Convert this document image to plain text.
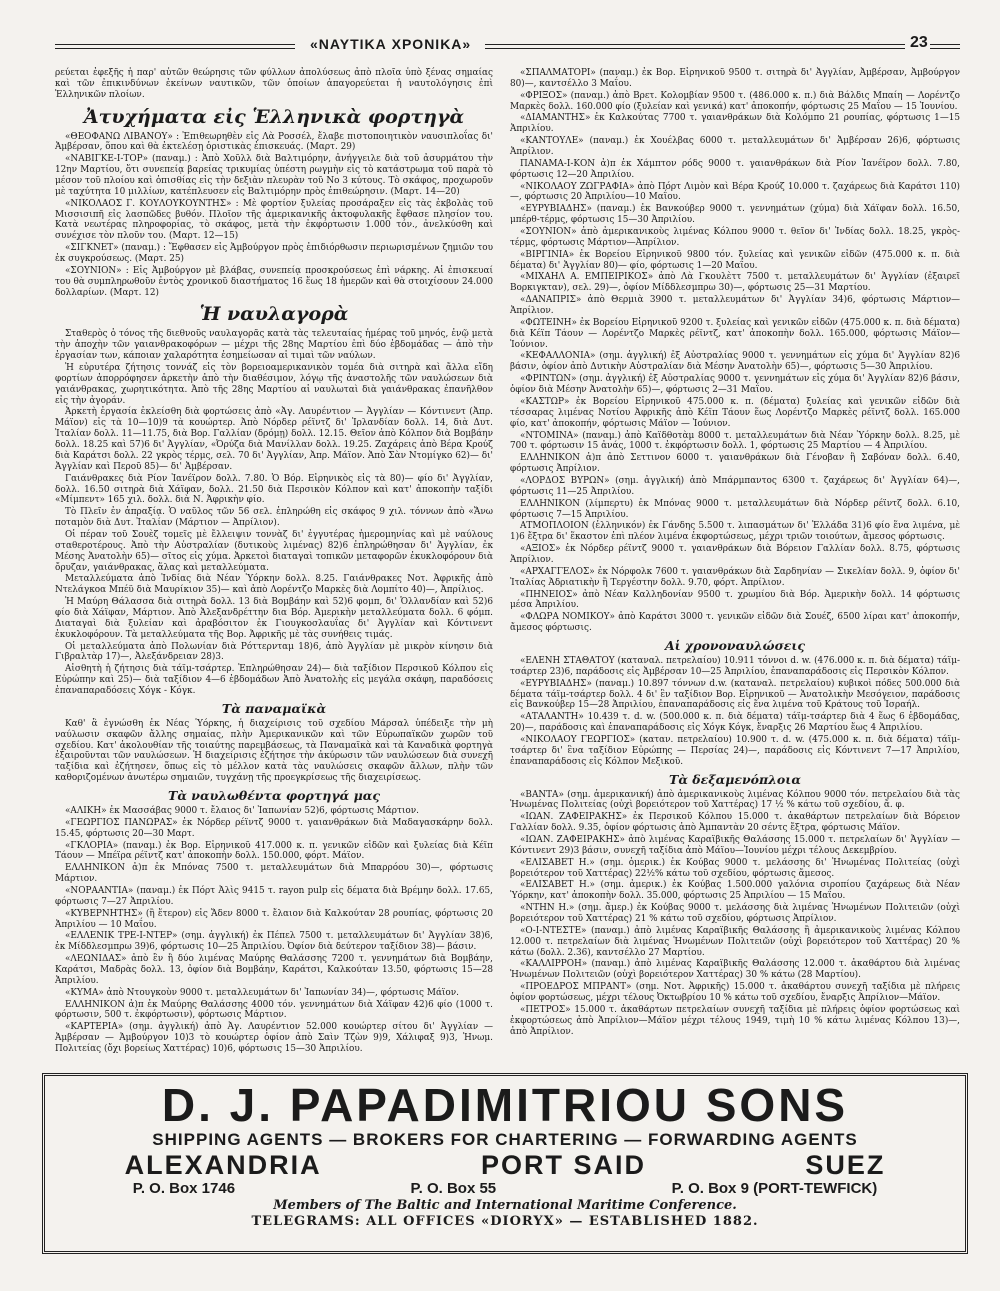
«ΝΑΥΤΙΚΑ ΧΡΟΝΙΚΑ»	23

ρεύεται ἐφεξῆς ἡ παρ' αὐτῶν θεώρησις τῶν φύλλων ἀπολύσεως ἀπὸ πλοῖα ὑπὸ ξένας σημαίας καὶ τῶν ἐπικινδύνων ἐκείνων ναυτικῶν, τῶν ὁποίων ἀπαγορεύεται ἡ ναυτολόγησις ἐπὶ Ἑλληνικῶν πλοίων.

Ἀτυχήματα εἰς Ἑλληνικὰ φορτηγὰ

«ΘΕΟΦΑΝΩ ΛΙΒΑΝΟΥ» : Ἐπιθεωρηθὲν εἰς Λὰ Ροσσέλ, ἔλαβε πιστοποιητικὸν ναυσιπλοΐας δι' Ἀμβέρσαν, ὅπου καὶ θὰ ἐκτελέσῃ ὁριστικὰς ἐπισκευάς. (Μαρτ. 29)

«ΝΑΒΙΓΚΕ-Ι-ΤΟΡ» (παναμ.) : Ἀπὸ Χοῦλλ διὰ Βαλτιμόρην, ἀνήγγειλε διὰ τοῦ ἀσυρμάτου τὴν 12ην Μαρτίου, ὅτι συνεπείᾳ βαρείας τρικυμίας ὑπέστη ρωγμὴν εἰς τὸ κατάστρωμα τοῦ παρὰ τὸ μέσον τοῦ πλοίου καὶ ὀπισθίας εἰς τὴν δεξιὰν πλευρὰν τοῦ Νο 3 κύτους. Τὸ σκάφος, προχωροῦν μὲ ταχύτητα 10 μιλλίων, κατέπλευσεν εἰς Βαλτιμόρην πρὸς ἐπιθεώρησιν. (Μαρτ. 14—20)

«ΝΙΚΟΛΑΟΣ Γ. ΚΟΥΛΟΥΚΟΥΝΤΗΣ» : Μὲ φορτίον ξυλείας προσάραξεν εἰς τὰς ἐκβολὰς τοῦ Μισσισιπῆ εἰς λασπῶδες βυθόν. Πλοῖον τῆς ἀμερικανικῆς ἀκτοφυλακῆς ἔφθασε πλησίον του. Κατὰ νεωτέρας πληροφορίας, τὸ σκάφος, μετὰ τὴν ἐκφόρτωσιν 1.000 τόν., ἀνελκύσθη καὶ συνέχισε τὸν πλοῦν του. (Μαρτ. 12—15)

«ΣΙΓΚΝΕΤ» (παναμ.) : Ἔφθασεν εἰς Ἀμβούργον πρὸς ἐπιδιόρθωσιν περιωρισμένων ζημιῶν του ἐκ συγκρούσεως. (Μαρτ. 25)

«ΣΟΥΝΙΟΝ» : Εἰς Ἀμβούργον μὲ βλάβας, συνεπείᾳ προσκρούσεως ἐπὶ νάρκης. Αἱ ἐπισκευαί του θὰ συμπληρωθοῦν ἐντὸς χρονικοῦ διαστήματος 16 ἕως 18 ἡμερῶν καὶ θὰ στοιχίσουν 24.000 δολλαρίων. (Μαρτ. 12)

Ἡ ναυλαγορὰ

Σταθερὸς ὁ τόνος τῆς διεθνοῦς ναυλαγορᾶς κατὰ τὰς τελευταίας ἡμέρας τοῦ μηνός, ἐνῷ μετὰ τὴν ἀποχὴν τῶν γαιανθρακοφόρων — μέχρι τῆς 28ης Μαρτίου ἐπὶ δύο ἑβδομάδας — ἀπὸ τὴν ἐργασίαν των, κάποιαν χαλαρότητα ἐσημείωσαν αἱ τιμαὶ τῶν ναύλων.

Ἡ εὐρυτέρα ζήτησις τοννάζ εἰς τὸν βορειοαμερικανικὸν τομέα διὰ σιτηρὰ καὶ ἄλλα εἴδη φορτίων ἀπορρόφησεν ἀρκετὴν ἀπὸ τὴν διαθέσιμον, λόγῳ τῆς ἀναστολῆς τῶν ναυλώσεων διὰ γαιάνθρακας, χωρητικότητα. Ἀπὸ τῆς 28ης Μαρτίου αἱ ναυλωταὶ διὰ γαιάνθρακας ἐπανῆλθον εἰς τὴν ἀγοράν.

Ἀρκετὴ ἐργασία ἐκλείσθη διὰ φορτώσεις ἀπὸ «Ἀγ. Λαυρέντιον — Ἀγγλίαν — Κόντινεντ (Ἀπρ. Μάϊον) εἰς τὰ 10—10)9 τὰ κουώρτερ. Ἀπὸ Νόρδερ ρέϊντζ δι' Ἰρλανδίαν δολλ. 14, διὰ Δυτ. Ἰταλίαν δολλ. 11—11.75, διὰ Βορ. Γαλλίαν (δρόμῃ) δολλ. 12.15. Θεῖον ἀπὸ Κόλπον διὰ Βομβάην δολλ. 18.25 καὶ 57)6 δι' Ἀγγλίαν, «Ὀρύζα διὰ Μανίλλαν δολλ. 19.25. Ζαχάρεις ἀπὸ Βέρα Κρούζ διὰ Καράτσι δολλ. 22 γκρὸς τέρμς, σελ. 70 δι' Ἀγγλίαν, Ἀπρ. Μάϊον. Ἀπὸ Σὰν Ντομίγκο 62)— δι' Ἀγγλίαν καὶ Περοῦ 85)— δι' Ἀμβέρσαν.

Γαιάνθρακες διὰ Ρίον Ἰανέϊρον δολλ. 7.80. Ὁ Βόρ. Εἰρηνικὸς εἰς τὰ 80)— φίο δι' Ἀγγλίαν, δολλ. 16.50 σιτηρὰ διὰ Χάϊφαν, δολλ. 21.50 διὰ Περσικὸν Κόλπον καὶ κατ' ἀποκοπὴν ταξίδι «Μίμπεντ» 165 χιλ. δολλ. διὰ Ν. Ἀφρικὴν φίο.

Τὸ Πλεῖν ἐν ἀπραξίᾳ. Ὁ ναῦλος τῶν 56 σελ. ἐπληρώθη εἰς σκάφος 9 χιλ. τόννων ἀπὸ «Ἄνω ποταμὸν διὰ Δυτ. Ἰταλίαν (Μάρτιον — Ἀπρίλιον).

Οἱ πέραν τοῦ Σουὲζ τομεῖς μὲ ἔλλειψιν τοννὰζ δι' ἐγγυτέρας ἡμερομηνίας καὶ μὲ ναύλους σταθεροτέρους. Ἀπὸ τὴν Αὐστραλίαν (δυτικοὺς λιμένας) 82)6 ἐπληρώθησαν δι' Ἀγγλίαν, ἐκ Μέσης Ἀνατολὴν 65)— σῖτος εἰς χύμα. Ἀρκετοὶ διαταγαὶ τοπικῶν μεταφορῶν ἐκυκλοφόρουν διὰ ὄρυζαν, γαιάνθρακας, ἅλας καὶ μεταλλεύματα.

Μεταλλεύματα ἀπὸ Ἰνδίας διὰ Νέαν Ὑόρκην δολλ. 8.25. Γαιάνθρακες Νοτ. Ἀφρικῆς ἀπὸ Ντελάγκοα Μπέϋ διὰ Μαυρίκιον 35)— καὶ ἀπὸ Λορέντζο Μαρκὲς διὰ Λομπίτο 40)—, Ἀπρίλιος.

Ἡ Μαύρη Θάλασσα διὰ σιτηρὰ δολλ. 13 διὰ Βομβάην καὶ 52)6 φομπ, δι' Ὁλλανδίαν καὶ 52)6 φίο διὰ Χάϊφαν, Μάρτιον. Ἀπὸ Ἀλεξανδρέττην δια Βόρ. Ἀμερικὴν μεταλλεύματα δολλ. 6 φόμπ. Διαταγαὶ διὰ ξυλείαν καὶ ἀραβόσιτον ἐκ Γιουγκοσλαυΐας δι' Ἀγγλίαν καὶ Κόντινεντ ἐκυκλοφόρουν. Τὰ μεταλλεύματα τῆς Βορ. Ἀφρικῆς μὲ τὰς συνήθεις τιμάς.

Οἱ μεταλλεύματα ἀπὸ Πολωνίαν διὰ Ρόττερνταμ 18)6, ἀπὸ Ἀγγλίαν μὲ μικρὸν κίνησιν διὰ Γιβραλτὰρ 17)—, Ἀλεξάνδρειαν 28)3.

Αἰσθητὴ ἡ ζήτησις διὰ τάϊμ-τσάρτερ. Ἐπληρώθησαν 24)— διὰ ταξίδιον Περσικοῦ Κόλπου εἰς Εὐρώπην καὶ 25)— διὰ ταξίδιον 4—6 ἑβδομάδων Ἀπὸ Ἀνατολὴς εἰς μεγάλα σκάφη, παραδόσεις ἐπαναπαραδόσεις Χόγκ - Κόγκ.

Τὰ παναμαϊκὰ

Καθ' ἃ ἐγνώσθη ἐκ Νέας Ὑόρκης, ἡ διαχείρισις τοῦ σχεδίου Μάρσαλ ὑπέδειξε τὴν μὴ ναύλωσιν σκαφῶν ἄλλης σημαίας, πλὴν Ἀμερικανικῶν καὶ τῶν Εὐρωπαϊκῶν χωρῶν τοῦ σχεδίου. Κατ' ἀκολουθίαν τῆς τοιαύτης παρεμβάσεως, τὰ Παναμαϊκὰ καὶ τὰ Καναδικὰ φορτηγὰ ἐξαιροῦνται τῶν ναυλώσεων. Ἡ διαχείρισις ἐζήτησε τὴν ἀκύρωσιν τῶν ναυλώσεων διὰ συνεχῆ ταξίδια καὶ ἐζήτησεν, ὅπως εἰς τὸ μέλλον κατὰ τὰς ναυλώσεις σκαφῶν ἄλλων, πλὴν τῶν καθοριζομένων ἀνωτέρω σημαιῶν, τυγχάνῃ τῆς προεγκρίσεως τῆς διαχειρίσεως.

Τὰ ναυλωθέντα φορτηγά μας

«ΑΛΙΚΗ» ἐκ Μασσάβας 9000 τ. ἔλαιος δι' Ἰαπωνίαν 52)6, φόρτωσις Μάρτιον.

«ΓΕΩΡΓΙΟΣ ΠΑΝΩΡΑΣ» ἐκ Νόρδερ ρέϊντζ 9000 τ. γαιανθράκων διὰ Μαδαγασκάρην δολλ. 15.45, φόρτωσις 20—30 Μαρτ.

«ΓΚΛΟΡΙΑ» (παναμ.) ἐκ Βορ. Εἰρηνικοῦ 417.000 κ. π. γενικῶν εἰδῶν καὶ ξυλείας διὰ Κέϊπ Τάουν — Μπέϊρα ρέϊντζ κατ' ἀποκοπὴν δολλ. 150.000, φόρτ. Μάϊον.

ΕΛΛΗΝΙΚΟΝ ἀ)π ἐκ Μπόνας 7500 τ. μεταλλευμάτων διὰ Μπαρρόου 30)—, φόρτωσις Μάρτιον.

«ΝΟΡΑΑΝΤΙΑ» (παναμ.) ἐκ Πόρτ Ἀλὶς 9415 τ. rayon pulp εἰς δέματα διὰ Βρέμην δολλ. 17.65, φόρτωσις 7—27 Ἀπριλίου.

«ΚΥΒΕΡΝΗΤΗΣ» (ἢ ἕτερον) εἰς Ἄδεν 8000 τ. ἔλαιον διὰ Καλκούταν 28 ρουπίας, φόρτωσις 20 Ἀπριλίου — 10 Μαΐου.

«ΕΛΛΕΝΙΚ ΤΡΕ-Ι-ΝΤΕΡ» (σημ. ἀγγλική) ἐκ Πέπελ 7500 τ. μεταλλευμάτων δι' Ἀγγλίαν 38)6, ἐκ Μίδδλεσμπρω 39)6, φόρτωσις 10—25 Ἀπριλίου. Ὀφίον διὰ δεύτερον ταξίδιον 38)— βάσιν.

«ΛΕΩΝΙΔΑΣ» ἀπὸ ἓν ἢ δύο λιμένας Μαύρης Θαλάσσης 7200 τ. γεννημάτων διὰ Βομβάην, Καράτσι, Μαδρὰς δολλ. 13, ὀφίον διὰ Βομβάην, Καράτσι, Καλκούταν 13.50, φόρτωσις 15—28 Ἀπριλίου.

«ΚΥΜΑ» ἀπὸ Ντουγκοὺν 9000 τ. μεταλλευμάτων δι' Ἰαπωνίαν 34)—, φόρτωσις Μάϊον.

ΕΛΛΗΝΙΚΟΝ ἀ)π ἐκ Μαύρης Θαλάσσης 4000 τόν. γεννημάτων διὰ Χάϊφαν 42)6 φίο (1000 τ. φόρτωσιν, 500 τ. ἐκφόρτωσιν), φόρτωσις Μάρτιον.

«ΚΑΡΤΕΡΙΑ» (σημ. ἀγγλική) ἀπὸ Ἀγ. Λαυρέντιον 52.000 κουώρτερ σίτου δι' Ἀγγλίαν — Ἀμβέρσαν — Ἀμβούργον 10)3 τὸ κουώρτερ ὀφίον ἀπὸ Σαὶν Τζὼν 9)9, Χάλιφαξ 9)3, Ἡνωμ. Πολιτείας (ὄχι βορείως Χαττέρας) 10)6, φόρτωσις 15—30 Ἀπριλίου.

«ΣΠΑΛΜΑΤΟΡΙ» (παναμ.) ἐκ Βορ. Εἰρηνικοῦ 9500 τ. σιτηρὰ δι' Ἀγγλίαν, Ἀμβέρσαν, Ἀμβούργον 80)—, καντσέλλο 3 Μαΐου.

«ΦΡΙΞΟΣ» (παναμ.) ἀπὸ Βρετ. Κολομβίαν 9500 τ. (486.000 κ. π.) διὰ Βάλδις Μπαίη — Λορέντζο Μαρκὲς δολλ. 160.000 φίο (ξυλείαν καὶ γενικά) κατ' ἀποκοπήν, φόρτωσις 25 Μαΐου — 15 Ἰουνίου.

«ΔΙΑΜΑΝΤΗΣ» ἐκ Καλκούτας 7700 τ. γαιανθράκων διὰ Κολόμπο 21 ρουπίας, φόρτωσις 1—15 Ἀπριλίου.

«ΚΑΝΤΟΥΛΕ» (παναμ.) ἐκ Χουέλβας 6000 τ. μεταλλευμάτων δι' Ἀμβέρσαν 26)6, φόρτωσις Ἀπρίλιον.

ΠΑΝΑΜΑ-Ι-ΚΟΝ ἀ)π ἐκ Χάμπτον ρόδς 9000 τ. γαιανθράκων διὰ Ρίον Ἰανέϊρον δολλ. 7.80, φόρτωσις 12—20 Ἀπριλίου.

«ΝΙΚΟΛΑΟΥ ΖΩΓΡΑΦΙΑ» ἀπὸ Πόρτ Λιμὸν καὶ Βέρα Κρούζ 10.000 τ. ζαχάρεως διὰ Καράτσι 110)—, φόρτωσις 20 Ἀπριλίου—10 Μαΐου.

«ΕΥΡΥΒΙΑΔΗΣ» (παναμ.) ἐκ Βανκούβερ 9000 τ. γεννημάτων (χύμα) διὰ Χάϊφαν δολλ. 16.50, μπέρθ-τέρμς, φόρτωσις 15—30 Ἀπριλίου.

«ΣΟΥΝΙΟΝ» ἀπὸ ἀμερικανικοὺς λιμένας Κόλπου 9000 τ. θεῖον δι' Ἰνδίας δολλ. 18.25, γκρὸς-τέρμς, φόρτωσις Μάρτιον—Ἀπρίλιον.

«ΒΙΡΓΙΝΙΑ» ἐκ Βορείου Εἰρηνικοῦ 9800 τόν. ξυλείας καὶ γενικῶν εἰδῶν (475.000 κ. π. διὰ δέματα) δι' Ἀγγλίαν 80)— φίο, φόρτωσις 1—20 Μαΐου.

«ΜΙΧΑΗΛ Α. ΕΜΠΕΙΡΙΚΟΣ» ἀπὸ Λὰ Γκουλὲττ 7500 τ. μεταλλευμάτων δι' Ἀγγλίαν (ἐξαιρεῖ Βορκιγκταν), σελ. 29)—, ὀφίον Μίδδλεσμπρω 30)—, φόρτωσις 25—31 Μαρτίου.

«ΔΑΝΑΠΡΙΣ» ἀπὸ Θερμιὰ 3900 τ. μεταλλευμάτων δι' Ἀγγλίαν 34)6, φόρτωσις Μάρτιον—Ἀπρίλιον.

«ΦΩΤΕΙΝΗ» ἐκ Βορείου Εἰρηνικοῦ 9200 τ. ξυλείας καὶ γενικῶν εἰδῶν (475.000 κ. π. διὰ δέματα) διὰ Κέϊπ Τάουν — Λορέντζο Μαρκὲς ρέϊντζ, κατ' ἀποκοπὴν δολλ. 165.000, φόρτωσις Μάϊον—Ἰούνιον.

«ΚΕΦΑΛΛΟΝΙΑ» (σημ. ἀγγλική) ἐξ Αὐστραλίας 9000 τ. γεννημάτων εἰς χύμα δι' Ἀγγλίαν 82)6 βάσιν, ὀφίον ἀπὸ Δυτικὴν Αὐστραλίαν διὰ Μέσην Ἀνατολὴν 65)—, φόρτωσις 5—30 Ἀπριλίου.

«ΦΡΙΝΤΩΝ» (σημ. ἀγγλική) ἐξ Αὐστραλίας 9000 τ. γεννημάτων εἰς χύμα δι' Ἀγγλίαν 82)6 βάσιν, ὀφίον διὰ Μέσην Ἀνατολὴν 65)—, φόρτωσις 2—31 Μαΐου.

«ΚΑΣΤΩΡ» ἐκ Βορείου Εἰρηνικοῦ 475.000 κ. π. (δέματα) ξυλείας καὶ γενικῶν εἰδῶν διὰ τέσσαρας λιμένας Νοτίου Ἀφρικῆς ἀπὸ Κέϊπ Τάουν ἕως Λορέντζο Μαρκὲς ρέϊντζ δολλ. 165.000 φίο, κατ' ἀποκοπήν, φόρτωσις Μάϊον — Ἰούνιον.

«ΝΤΟΜΙΝΑ» (παναμ.) ἀπὸ Καϊδθοτὰμ 8000 τ. μεταλλευμάτων διὰ Νέαν Ὑόρκην δολλ. 8.25, μὲ 700 τ. φόρτωσιν 15 ἀνάς, 1000 τ. ἐκφόρτωσιν δολλ. 1, φόρτωσις 25 Μαρτίου — 4 Ἀπριλίου.

ΕΛΛΗΝΙΚΟΝ ἀ)π ἀπὸ Σεττινον 6000 τ. γαιανθράκων διὰ Γένοβαν ἢ Σαβόναν δολλ. 6.40, φόρτωσις Ἀπρίλιον.

«ΛΟΡΔΟΣ ΒΥΡΩΝ» (σημ. ἀγγλική) ἀπὸ Μπάρμπαντος 6300 τ. ζαχάρεως δι' Ἀγγλίαν 64)—, φόρτωσις 11—25 Ἀπριλίου.

ΕΛΛΗΝΙΚΟΝ (λίμπερτυ) ἐκ Μπόνας 9000 τ. μεταλλευμάτων διὰ Νόρδερ ρέϊντζ δολλ. 6.10, φόρτωσις 7—15 Ἀπριλίου.

ΑΤΜΟΠΛΟΙΟΝ (ἑλληνικόν) ἐκ Γάνδης 5.500 τ. λιπασμάτων δι' Ἑλλάδα 31)6 φίο ἕνα λιμένα, μὲ 1)6 ἔξτρα δι' ἕκαστον ἐπὶ πλέον λιμένα ἐκφορτώσεως, μέχρι τριῶν τοιούτων, ἄμεσος φόρτωσις.

«ΑΞΙΟΣ» ἐκ Νόρδερ ρέϊντζ 9000 τ. γαιανθράκων διὰ Βόρειον Γαλλίαν δολλ. 8.75, φόρτωσις Ἀπρίλιον.

«ΑΡΧΑΓΓΕΛΟΣ» ἐκ Νόρφολκ 7600 τ. γαιανθράκων διὰ Σαρδηνίαν — Σικελίαν δολλ. 9, ὀφίον δι' Ἰταλίας Ἀδριατικὴν ἢ Τεργέστην δολλ. 9.70, φόρτ. Ἀπρίλιον.

«ΠΗΝΕΙΟΣ» ἀπὸ Νέαν Καλληδονίαν 9500 τ. χρωμίου διὰ Βόρ. Ἀμερικὴν δολλ. 14 φόρτωσις μέσα Ἀπριλίου.

«ΦΛΩΡΑ ΝΟΜΙΚΟΥ» ἀπὸ Καράτσι 3000 τ. γενικῶν εἰδῶν διὰ Σουέζ, 6500 λίραι κατ' ἀποκοπήν, ἄμεσος φόρτωσις.

Αἱ χρονοναυλώσεις

«ΕΛΕΝΗ ΣΤΑΘΑΤΟΥ (καταναλ. πετρελαίου) 10.911 τόννοι d. w. (476.000 κ. π. διὰ δέματα) τάϊμ-τσάρτερ 23)6, παράδοσις εἰς Ἀμβέρσαν 10—25 Ἀπριλίου, ἐπαναπαράδοσις εἰς Περσικὸν Κόλπον.

«ΕΥΡΥΒΙΑΔΗΣ» (παναμ.) 10.897 τόννων d.w. (καταναλ. πετρελαίου) κυβικοὶ πόδες 500.000 διὰ δέματα τάϊμ-τσάρτερ δολλ. 4 δι' ἓν ταξίδιον Βορ. Εἰρηνικοῦ — Ἀνατολικὴν Μεσόγειον, παράδοσις εἰς Βανκούβερ 15—28 Ἀπριλίου, ἐπαναπαράδοσις εἰς ἕνα λιμένα τοῦ Κράτους τοῦ Ἰσραήλ.

«ΑΤΑΛΑΝΤΗ» 10.439 τ. d. w. (500.000 κ. π. διὰ δέματα) τάϊμ-τσάρτερ διὰ 4 ἕως 6 ἑβδομάδας, 20)—, παράδοσις καὶ ἐπαναπαράδοσις εἰς Χόγκ Κόγκ, ἔναρξις 26 Μαρτίου ἕως 4 Ἀπριλίου.

«ΝΙΚΟΛΑΟΥ ΓΕΩΡΓΙΟΣ» (καταν. πετρελαίου) 10.900 τ. d. w. (475.000 κ. π. διὰ δέματα) τάϊμ-τσάρτερ δι' ἓνα ταξίδιον Εὐρώπης — Περσίας 24)—, παράδοσις εἰς Κόντινεντ 7—17 Ἀπριλίου, ἐπαναπαράδοσις εἰς Κόλπον Μεξικοῦ.

Τὰ δεξαμενόπλοια

«ΒΑΝΤΑ» (σημ. ἀμερικανική) ἀπὸ ἀμερικανικοὺς λιμένας Κόλπου 9000 τόν. πετρελαίου διὰ τὰς Ἡνωμένας Πολιτείας (οὐχὶ βορειότερον τοῦ Χαττέρας) 17 ½ % κάτω τοῦ σχεδίου, ἄ. φ.

«ΙΩΑΝ. ΖΑΦΕΙΡΑΚΗΣ» ἐκ Περσικοῦ Κόλπου 15.000 τ. ἀκαθάρτων πετρελαίων διὰ Βόρειον Γαλλίαν δολλ. 9.35, ὀφίον φόρτωσις ἀπὸ Ἀμπαντὰν 20 σέντς ἔξτρα, φόρτωσις Μάϊον.

«ΙΩΑΝ. ΖΑΦΕΙΡΑΚΗΣ» ἀπὸ λιμένας Καραϊβικῆς Θαλάσσης 15.000 τ. πετρελαίων δι' Ἀγγλίαν — Κόντινεντ 29)3 βάσιν, συνεχῆ ταξίδια ἀπὸ Μάϊου—Ἰουνίου μέχρι τέλους Δεκεμβρίου.

«ΕΛΙΣΑΒΕΤ Η.» (σημ. ὁμερικ.) ἐκ Κούβας 9000 τ. μελάσσης δι' Ἡνωμένας Πολιτείας (οὐχὶ βορειότερον τοῦ Χαττέρας) 22½% κάτω τοῦ σχεδίου, φόρτωσις ἄμεσος.

«ΕΛΙΣΑΒΕΤ Η.» (σημ. ἀμερικ.) ἐκ Κούβας 1.500.000 γαλόνια σιροπίου ζαχάρεως διὰ Νέαν Ὑόρκην, κατ' ἀποκοπὴν δολλ. 35.000, φόρτωσις 25 Ἀπριλίου — 15 Μαΐου.

«ΝΤΗΝ Η.» (σημ. ἄμερ.) ἐκ Κούβας 9000 τ. μελάσσης διὰ λιμένας Ἡνωμένων Πολιτειῶν (οὐχὶ βορειότερον τοῦ Χαττέρας) 21 % κάτω τοῦ σχεδίου, φόρτωσις Ἀπρίλιον.

«Ο-Ι-ΝΤΕΣΤΕ» (παναμ.) ἀπὸ λιμένας Καραϊβικῆς Θαλάσσης ἢ ἀμερικανικοὺς λιμένας Κόλπου 12.000 τ. πετρελαίων διὰ λιμένας Ἡνωμένων Πολιτειῶν (οὐχὶ βορειότερον τοῦ Χαττέρας) 20 % κάτω (δολλ. 2.36), καντσέλλο 27 Μαρτίου.

«ΚΑΛΛΙΡΡΟΗ» (παναμ.) ἀπὸ λιμένας Καραϊβικῆς Θαλάσσης 12.000 τ. ἀκαθάρτου διὰ λιμένας Ἡνωμένων Πολιτειῶν (οὐχὶ βορειότερον Χαττέρας) 30 % κάτω (28 Μαρτίου).

«ΠΡΟΕΔΡΟΣ ΜΠΡΑΝΤ» (σημ. Νοτ. Ἀφρικῆς) 15.000 τ. ἀκαθάρτου συνεχῆ ταξίδια μὲ πλήρεις ὀφίον φορτώσεως, μέχρι τέλους Ὀκτωβρίου 10 % κάτω τοῦ σχεδίου, ἔναρξις Ἀπρίλιον—Μάϊον.

«ΠΕΤΡΟΣ» 15.000 τ. ἀκαθάρτων πετρελαίων συνεχῆ ταξίδια μὲ πλήρεις ὀφίον φορτώσεως καὶ ἐκφορτώσεως ἀπὸ Ἀπρίλιον—Μάϊον μέχρι τέλους 1949, τιμὴ 10 % κάτω λιμένας Κόλπου 13)—, ἀπὸ Ἀπρίλιον.

D. J. PAPADIMITRIOU SONS
SHIPPING AGENTS — BROKERS FOR CHARTERING — FORWARDING AGENTS
ALEXANDRIA	PORT SAID	SUEZ
P. O. Box 1746	P. O. Box 55	P. O. Box 9 (PORT-TEWFICK)
Members of The Baltic and International Maritime Conference.
TELEGRAMS: ALL OFFICES «DIORYX» — ESTABLISHED 1882.
